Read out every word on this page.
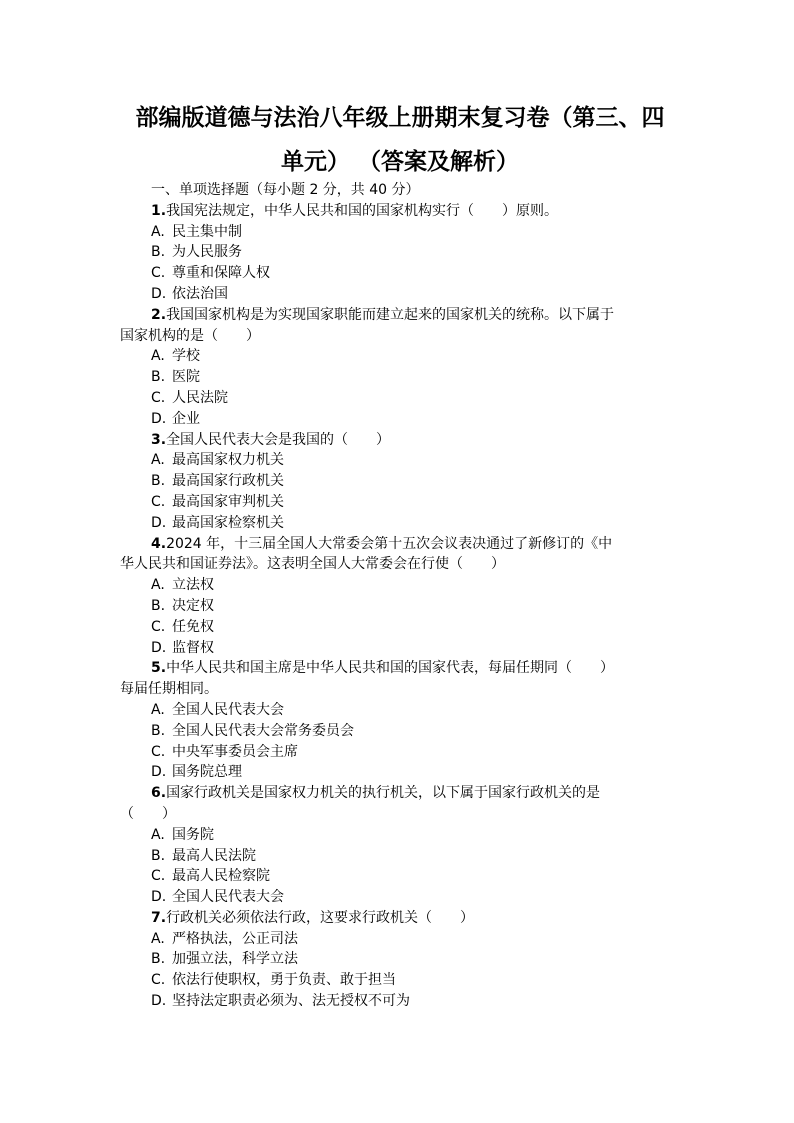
部编版道德与法治八年级上册期末复习卷（第三、四
单元） （答案及解析）

一、单项选择题（每小题 2 分，共 40 分）

1.我国宪法规定，中华人民共和国的国家机构实行（　　）原则。

A. 民主集中制

B. 为人民服务

C. 尊重和保障人权

D. 依法治国

2.我国国家机构是为实现国家职能而建立起来的国家机关的统称。以下属于

国家机构的是（　　）

A. 学校

B. 医院

C. 人民法院

D. 企业

3.全国人民代表大会是我国的（　　）

A. 最高国家权力机关

B. 最高国家行政机关

C. 最高国家审判机关

D. 最高国家检察机关

4.2024 年，十三届全国人大常委会第十五次会议表决通过了新修订的《中

华人民共和国证券法》。这表明全国人大常委会在行使（　　）

A. 立法权

B. 决定权

C. 任免权

D. 监督权

5.中华人民共和国主席是中华人民共和国的国家代表，每届任期同（　　）

每届任期相同。

A. 全国人民代表大会

B. 全国人民代表大会常务委员会

C. 中央军事委员会主席

D. 国务院总理

6.国家行政机关是国家权力机关的执行机关，以下属于国家行政机关的是

（　　）

A. 国务院

B. 最高人民法院

C. 最高人民检察院

D. 全国人民代表大会

7.行政机关必须依法行政，这要求行政机关（　　）

A. 严格执法，公正司法

B. 加强立法，科学立法

C. 依法行使职权，勇于负责、敢于担当

D. 坚持法定职责必须为、法无授权不可为
